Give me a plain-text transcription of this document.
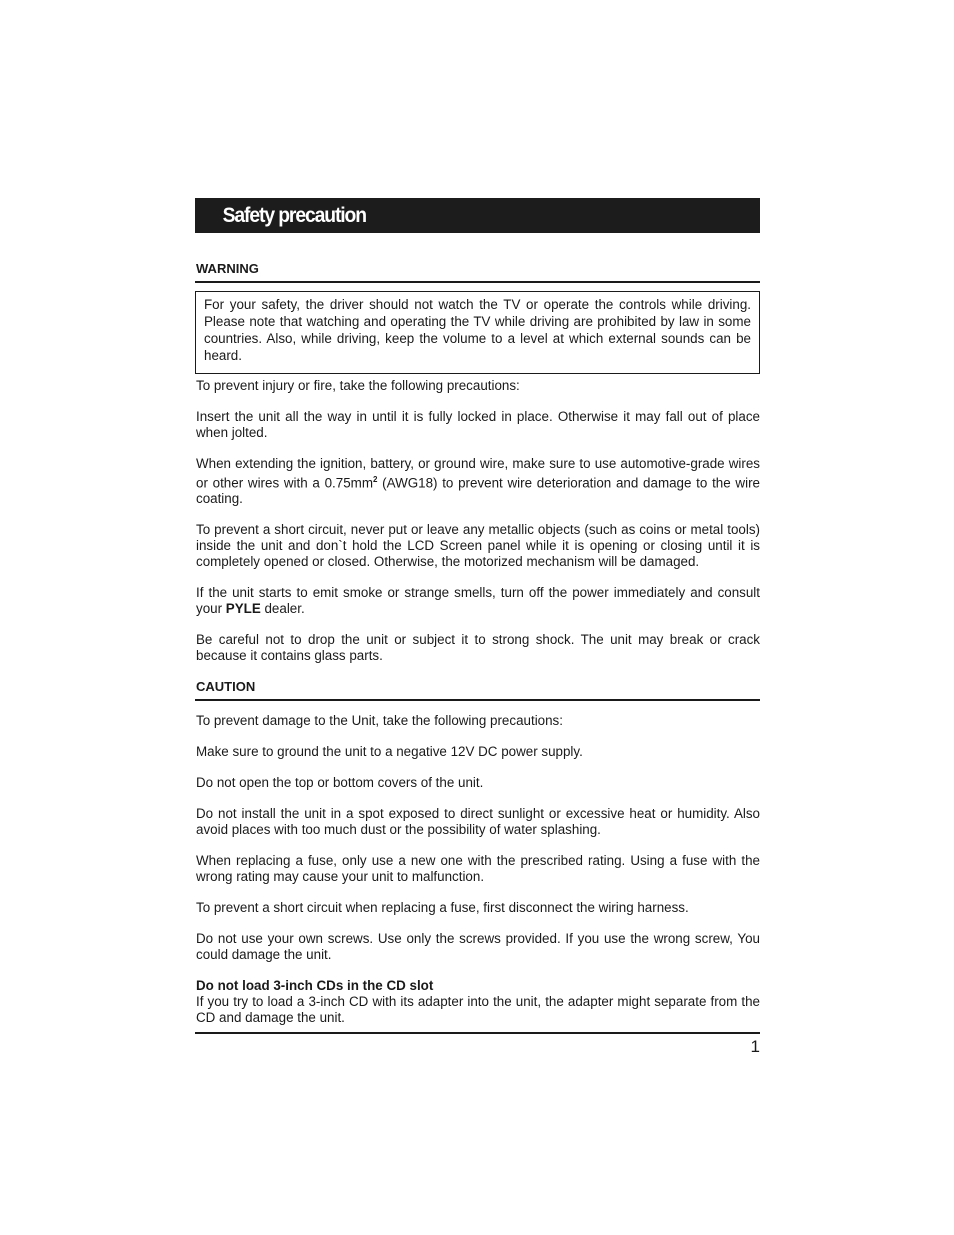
Safety precaution
WARNING
For your safety, the driver should not watch the TV or operate the controls while driving. Please note that watching and operating the TV while driving are prohibited by law in some countries. Also, while driving, keep the volume to a level at which external sounds can be heard.

To prevent injury or fire, take the following precautions:

Insert the unit all the way in until it is fully locked in place. Otherwise it may fall out of place when jolted.

When extending the ignition, battery, or ground wire, make sure to use automotive-grade wires or other wires with a $0.75mm^2$ (AWG18) to prevent wire deterioration and damage to the wire coating.

To prevent a short circuit, never put or leave any metallic objects (such as coins or metal tools) inside the unit and don`t hold the LCD Screen panel while it is opening or closing until it is completely opened or closed. Otherwise, the motorized mechanism will be damaged.

If the unit starts to emit smoke or strange smells, turn off the power immediately and consult your PYLE dealer.

Be careful not to drop the unit or subject it to strong shock. The unit may break or crack because it contains glass parts.

CAUTION

To prevent damage to the Unit, take the following precautions:

Make sure to ground the unit to a negative 12V DC power supply.

Do not open the top or bottom covers of the unit.

Do not install the unit in a spot exposed to direct sunlight or excessive heat or humidity. Also avoid places with too much dust or the possibility of water splashing.

When replacing a fuse, only use a new one with the prescribed rating. Using a fuse with the wrong rating may cause your unit to malfunction.

To prevent a short circuit when replacing a fuse, first disconnect the wiring harness.

Do not use your own screws. Use only the screws provided. If you use the wrong screw, You could damage the unit.

Do not load 3-inch CDs in the CD slot

If you try to load a 3-inch CD with its adapter into the unit, the adapter might separate from the CD and damage the unit.

1
